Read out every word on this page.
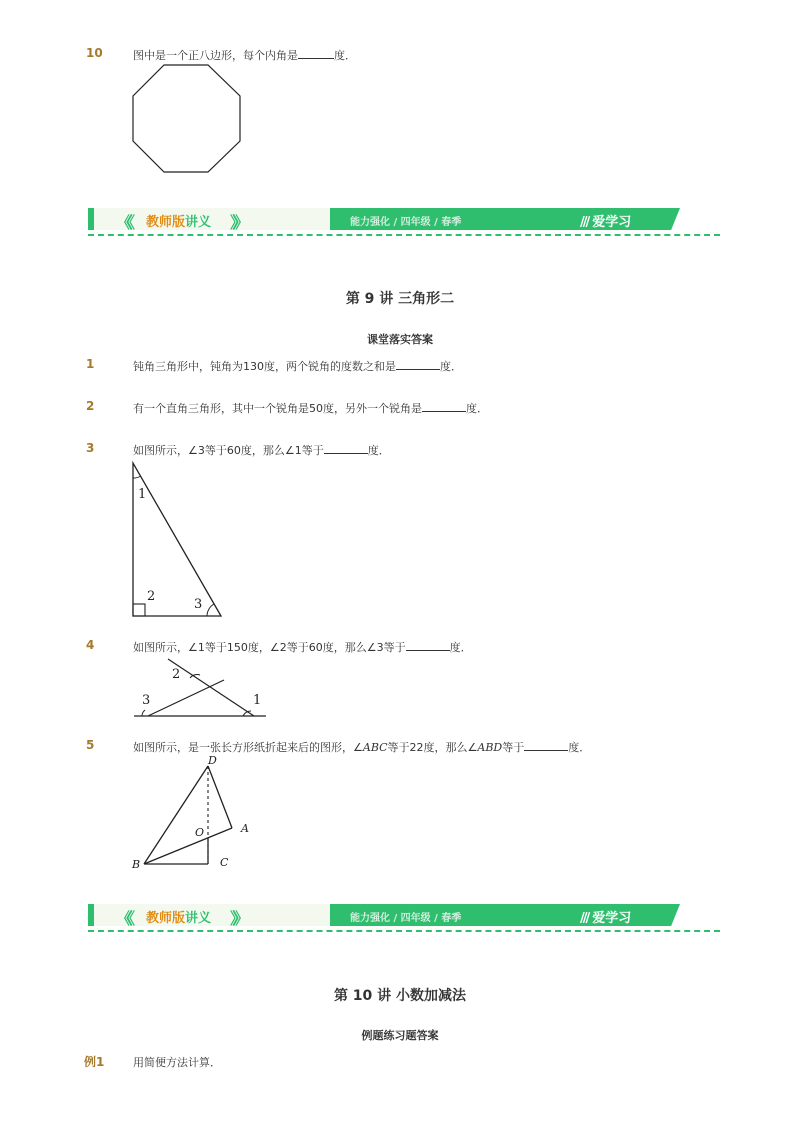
10	图中是一个正八边形，每个内角是	度．
《《 教师版讲义 》》	能力强化 / 四年级 / 春季	/// 爱学习
第 9 讲 三角形二
课堂落实答案
1	钝角三角形中，钝角为130度，两个锐角的度数之和是	度．
2	有一个直角三角形，其中一个锐角是50度，另外一个锐角是	度．
3	如图所示，∠3等于60度，那么∠1等于	度．
1
2
3
4	如图所示，∠1等于150度，∠2等于60度，那么∠3等于	度．
2
3	1
5	如图所示，是一张长方形纸折起来后的图形，∠ABC等于22度，那么∠ABD等于	度．
D
O	A
B	C
《《 教师版讲义 》》	能力强化 / 四年级 / 春季	/// 爱学习
第 10 讲 小数加减法
例题练习题答案
例1	用简便方法计算．
